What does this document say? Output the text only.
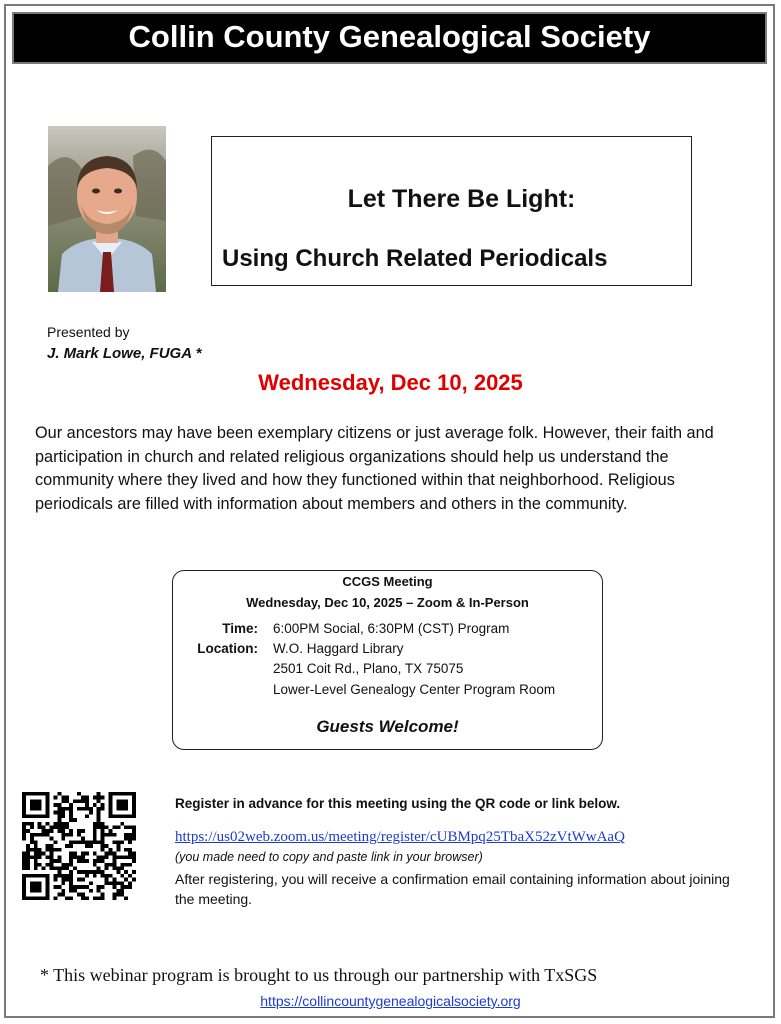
Collin County Genealogical Society
Let There Be Light:
Using Church Related Periodicals
Presented by
J. Mark Lowe, FUGA *
Wednesday, Dec 10, 2025
Our ancestors may have been exemplary citizens or just average folk. However, their faith and participation in church and related religious organizations should help us understand the community where they lived and how they functioned within that neighborhood. Religious periodicals are filled with information about members and others in the community.
CCGS Meeting
Wednesday, Dec 10, 2025 – Zoom & In-Person
Time: 6:00PM Social, 6:30PM (CST) Program
Location: W.O. Haggard Library
2501 Coit Rd., Plano, TX 75075
Lower-Level Genealogy Center Program Room
Guests Welcome!
Register in advance for this meeting using the QR code or link below.
https://us02web.zoom.us/meeting/register/cUBMpq25TbaX52zVtWwAaQ
(you made need to copy and paste link in your browser)
After registering, you will receive a confirmation email containing information about joining the meeting.
* This webinar program is brought to us through our partnership with TxSGS
https://collincountygenealogicalsociety.org
